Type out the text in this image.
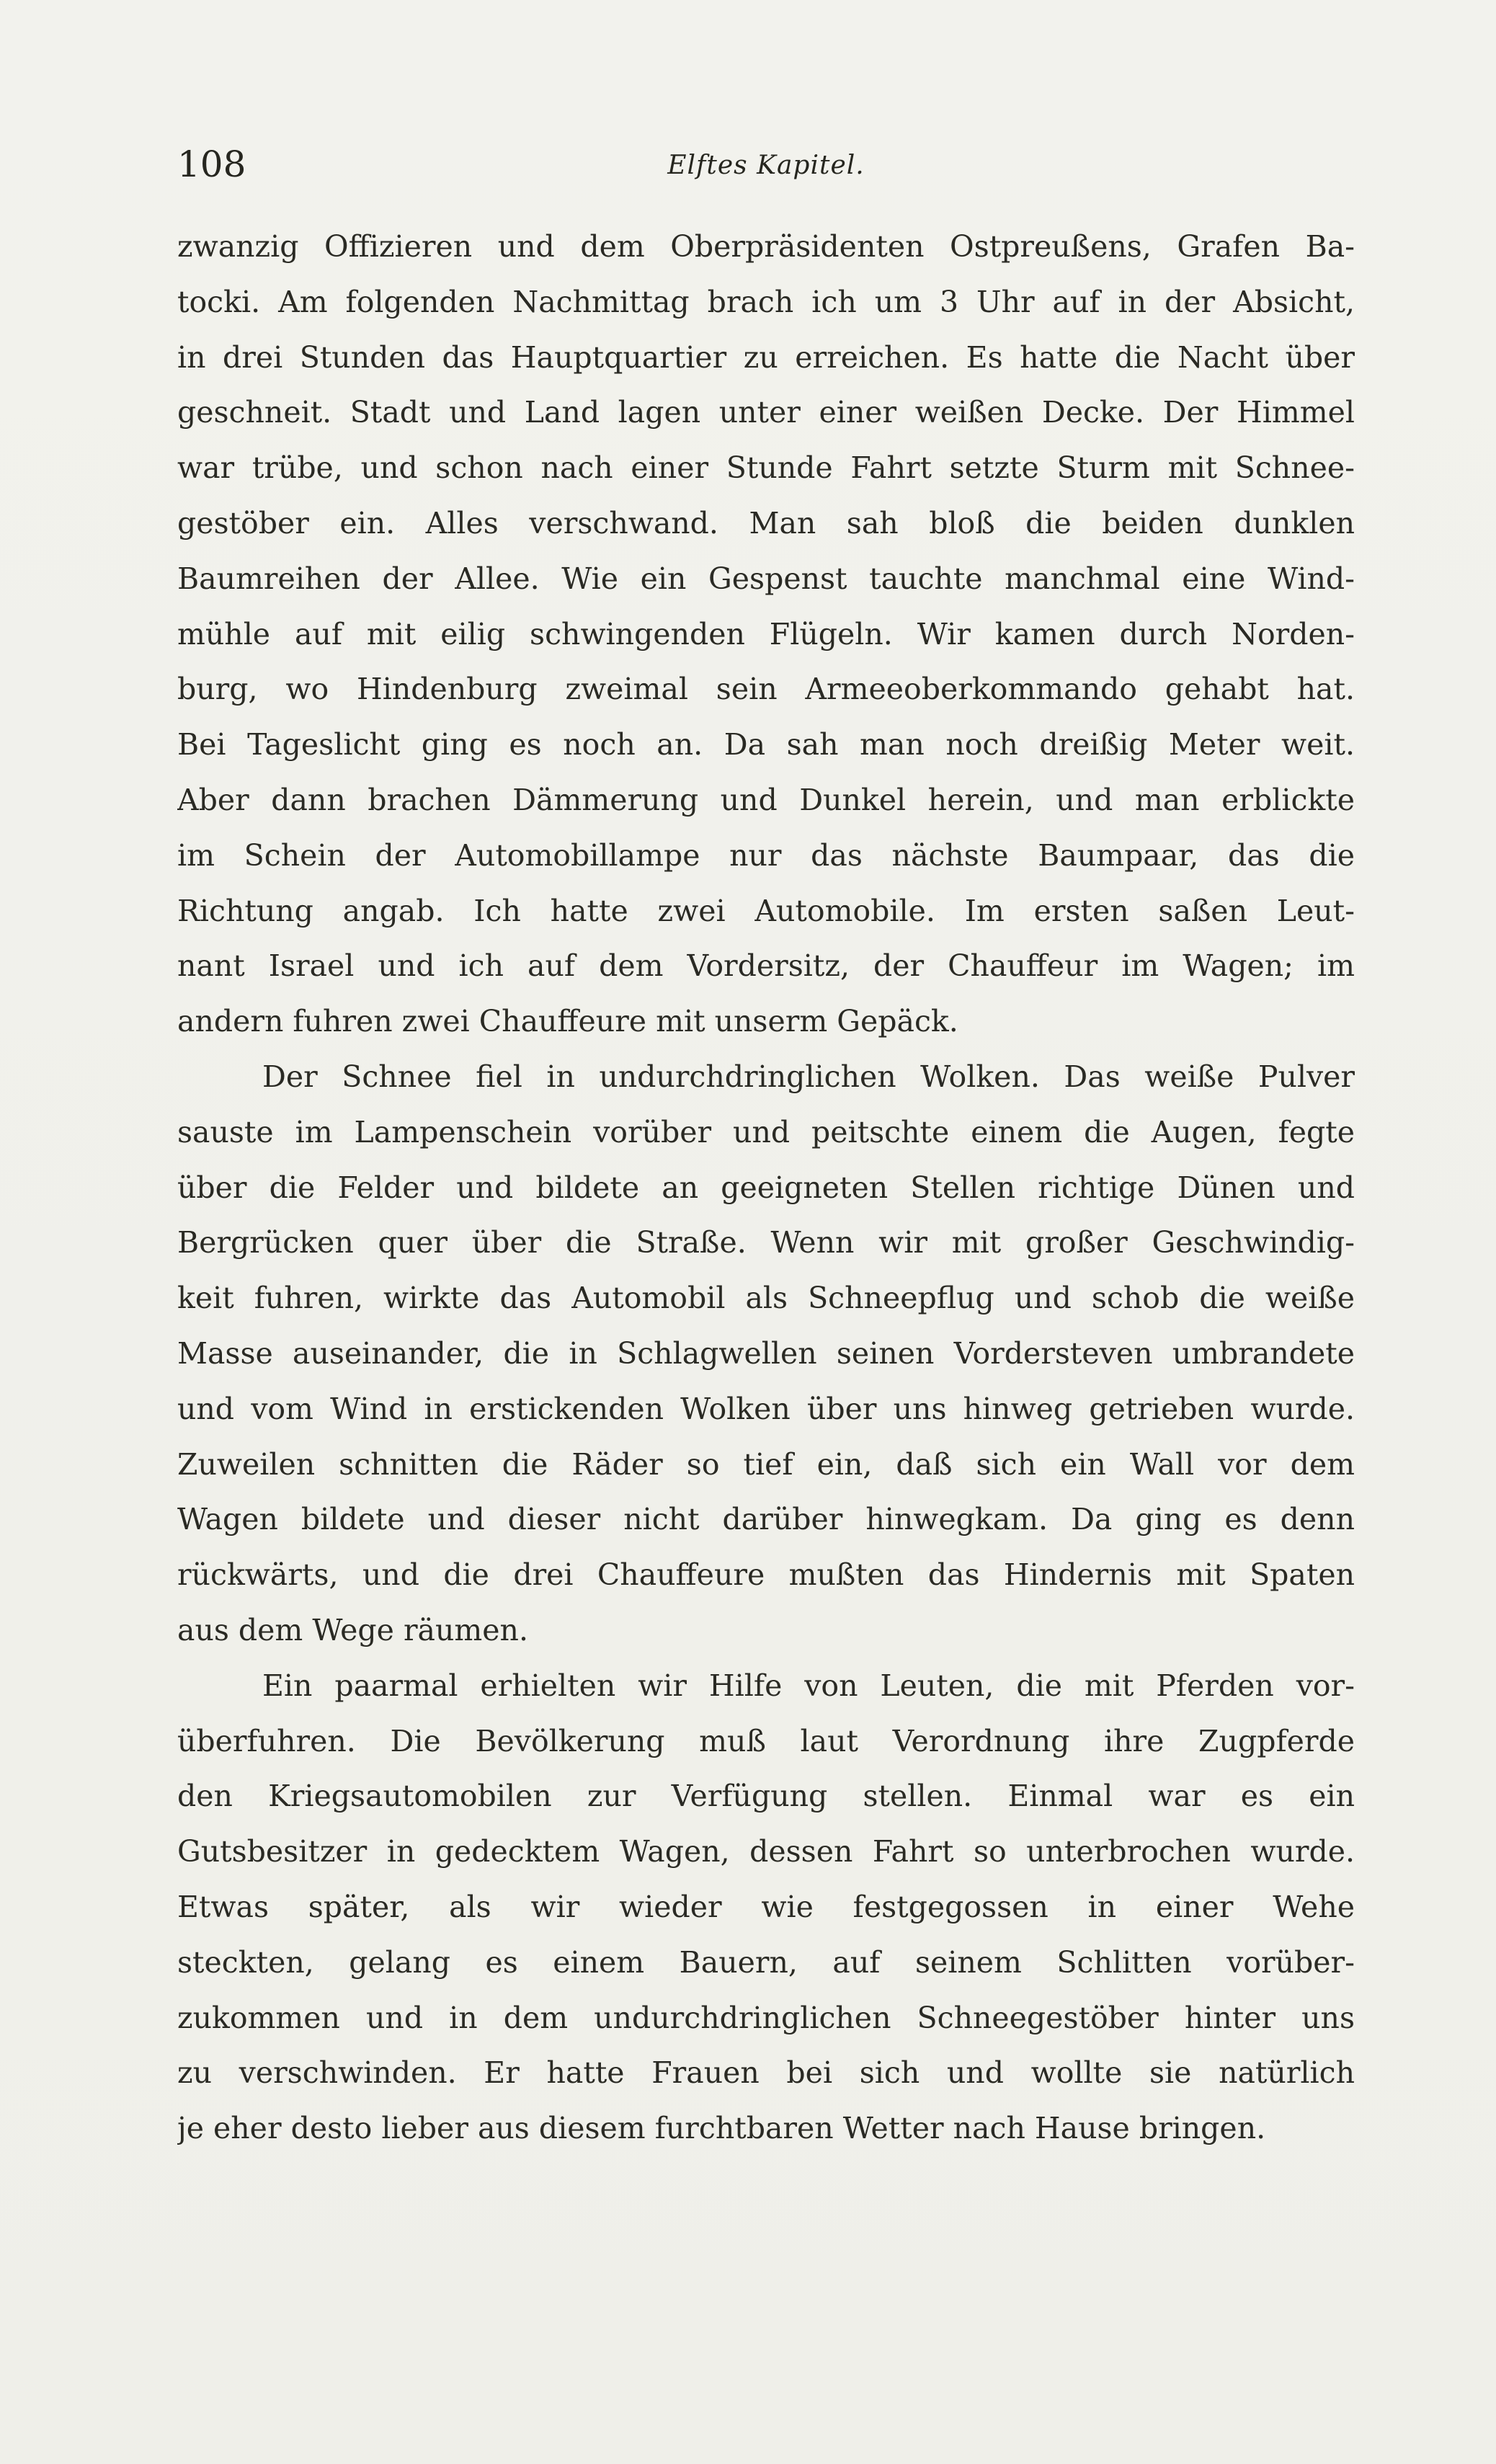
108	Elftes Kapitel.
zwanzig Offizieren und dem Oberpräsidenten Ostpreußens, Grafen Ba-
tocki. Am folgenden Nachmittag brach ich um 3 Uhr auf in der Absicht,
in drei Stunden das Hauptquartier zu erreichen. Es hatte die Nacht über
geschneit. Stadt und Land lagen unter einer weißen Decke. Der Himmel
war trübe, und schon nach einer Stunde Fahrt setzte Sturm mit Schnee-
gestöber ein. Alles verschwand. Man sah bloß die beiden dunklen
Baumreihen der Allee. Wie ein Gespenst tauchte manchmal eine Wind-
mühle auf mit eilig schwingenden Flügeln. Wir kamen durch Norden-
burg, wo Hindenburg zweimal sein Armeeoberkommando gehabt hat.
Bei Tageslicht ging es noch an. Da sah man noch dreißig Meter weit.
Aber dann brachen Dämmerung und Dunkel herein, und man erblickte
im Schein der Automobillampe nur das nächste Baumpaar, das die
Richtung angab. Ich hatte zwei Automobile. Im ersten saßen Leut-
nant Israel und ich auf dem Vordersitz, der Chauffeur im Wagen; im
andern fuhren zwei Chauffeure mit unserm Gepäck.
Der Schnee fiel in undurchdringlichen Wolken. Das weiße Pulver
sauste im Lampenschein vorüber und peitschte einem die Augen, fegte
über die Felder und bildete an geeigneten Stellen richtige Dünen und
Bergrücken quer über die Straße. Wenn wir mit großer Geschwindig-
keit fuhren, wirkte das Automobil als Schneepflug und schob die weiße
Masse auseinander, die in Schlagwellen seinen Vordersteven umbrandete
und vom Wind in erstickenden Wolken über uns hinweg getrieben wurde.
Zuweilen schnitten die Räder so tief ein, daß sich ein Wall vor dem
Wagen bildete und dieser nicht darüber hinwegkam. Da ging es denn
rückwärts, und die drei Chauffeure mußten das Hindernis mit Spaten
aus dem Wege räumen.
Ein paarmal erhielten wir Hilfe von Leuten, die mit Pferden vor-
überfuhren. Die Bevölkerung muß laut Verordnung ihre Zugpferde
den Kriegsautomobilen zur Verfügung stellen. Einmal war es ein
Gutsbesitzer in gedecktem Wagen, dessen Fahrt so unterbrochen wurde.
Etwas später, als wir wieder wie festgegossen in einer Wehe
steckten, gelang es einem Bauern, auf seinem Schlitten vorüber-
zukommen und in dem undurchdringlichen Schneegestöber hinter uns
zu verschwinden. Er hatte Frauen bei sich und wollte sie natürlich
je eher desto lieber aus diesem furchtbaren Wetter nach Hause bringen.
